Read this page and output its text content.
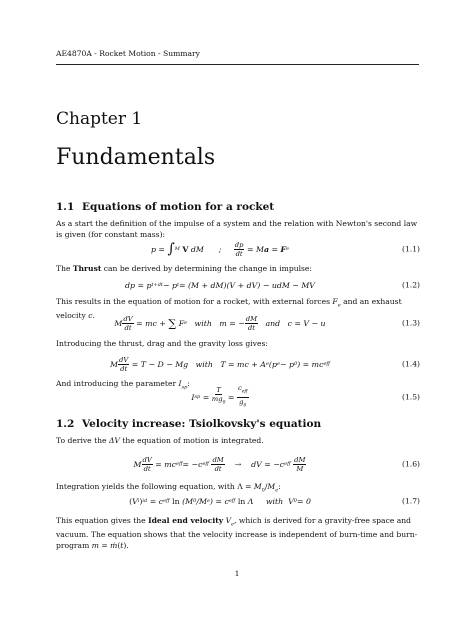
AE4870A - Rocket Motion - Summary
Chapter 1
Fundamentals
1.1 Equations of motion for a rocket
As a start the definition of the impulse of a system and the relation with Newton's second law is given (for constant mass):
p = ∫ M
V dM      ; dp
dt = M a = F e	(1.1)
The Thrust can be derived by determining the change in impulse:
dp = p t+dt − p t = (M + dM)(V + dV) − udM − MV	(1.2)
This results in the equation of motion for a rocket, with external forces $F_e$ and an exhaust velocity c.
M dV
dt = mc + ∑ F e with   m = − dM
dt and   c = V − u	(1.3)
Introducing the thrust, drag and the gravity loss gives:
M dV
dt = T − D − Mg   with   T = mc + A e (p e − p 0 ) = mc eff	(1.4)
And introducing the parameter $I_{sp}$:
I sp =
T
$mg_0$
=
$c_{eff}$
$g_0$
(1.5)
1.2 Velocity increase: Tsiolkovsky's equation
To derive the ΔV the equation of motion is integrated.
M dV
dt = mc eff = −c eff

dM
dt
→ dV = −c eff

dM
M	(1.6)
Integration yields the following equation, with $\Lambda = M_0/M_e$:
( V i ) id = c eff
ln (M 0 /M e ) = c eff
ln Λ     with  V 0 = 0	(1.7)
This equation gives the Ideal end velocity $V_e$, which is derived for a gravity-free space and vacuum. The equation shows that the velocity increase is independent of burn-time and burn-program m = ṁ(t).
1
